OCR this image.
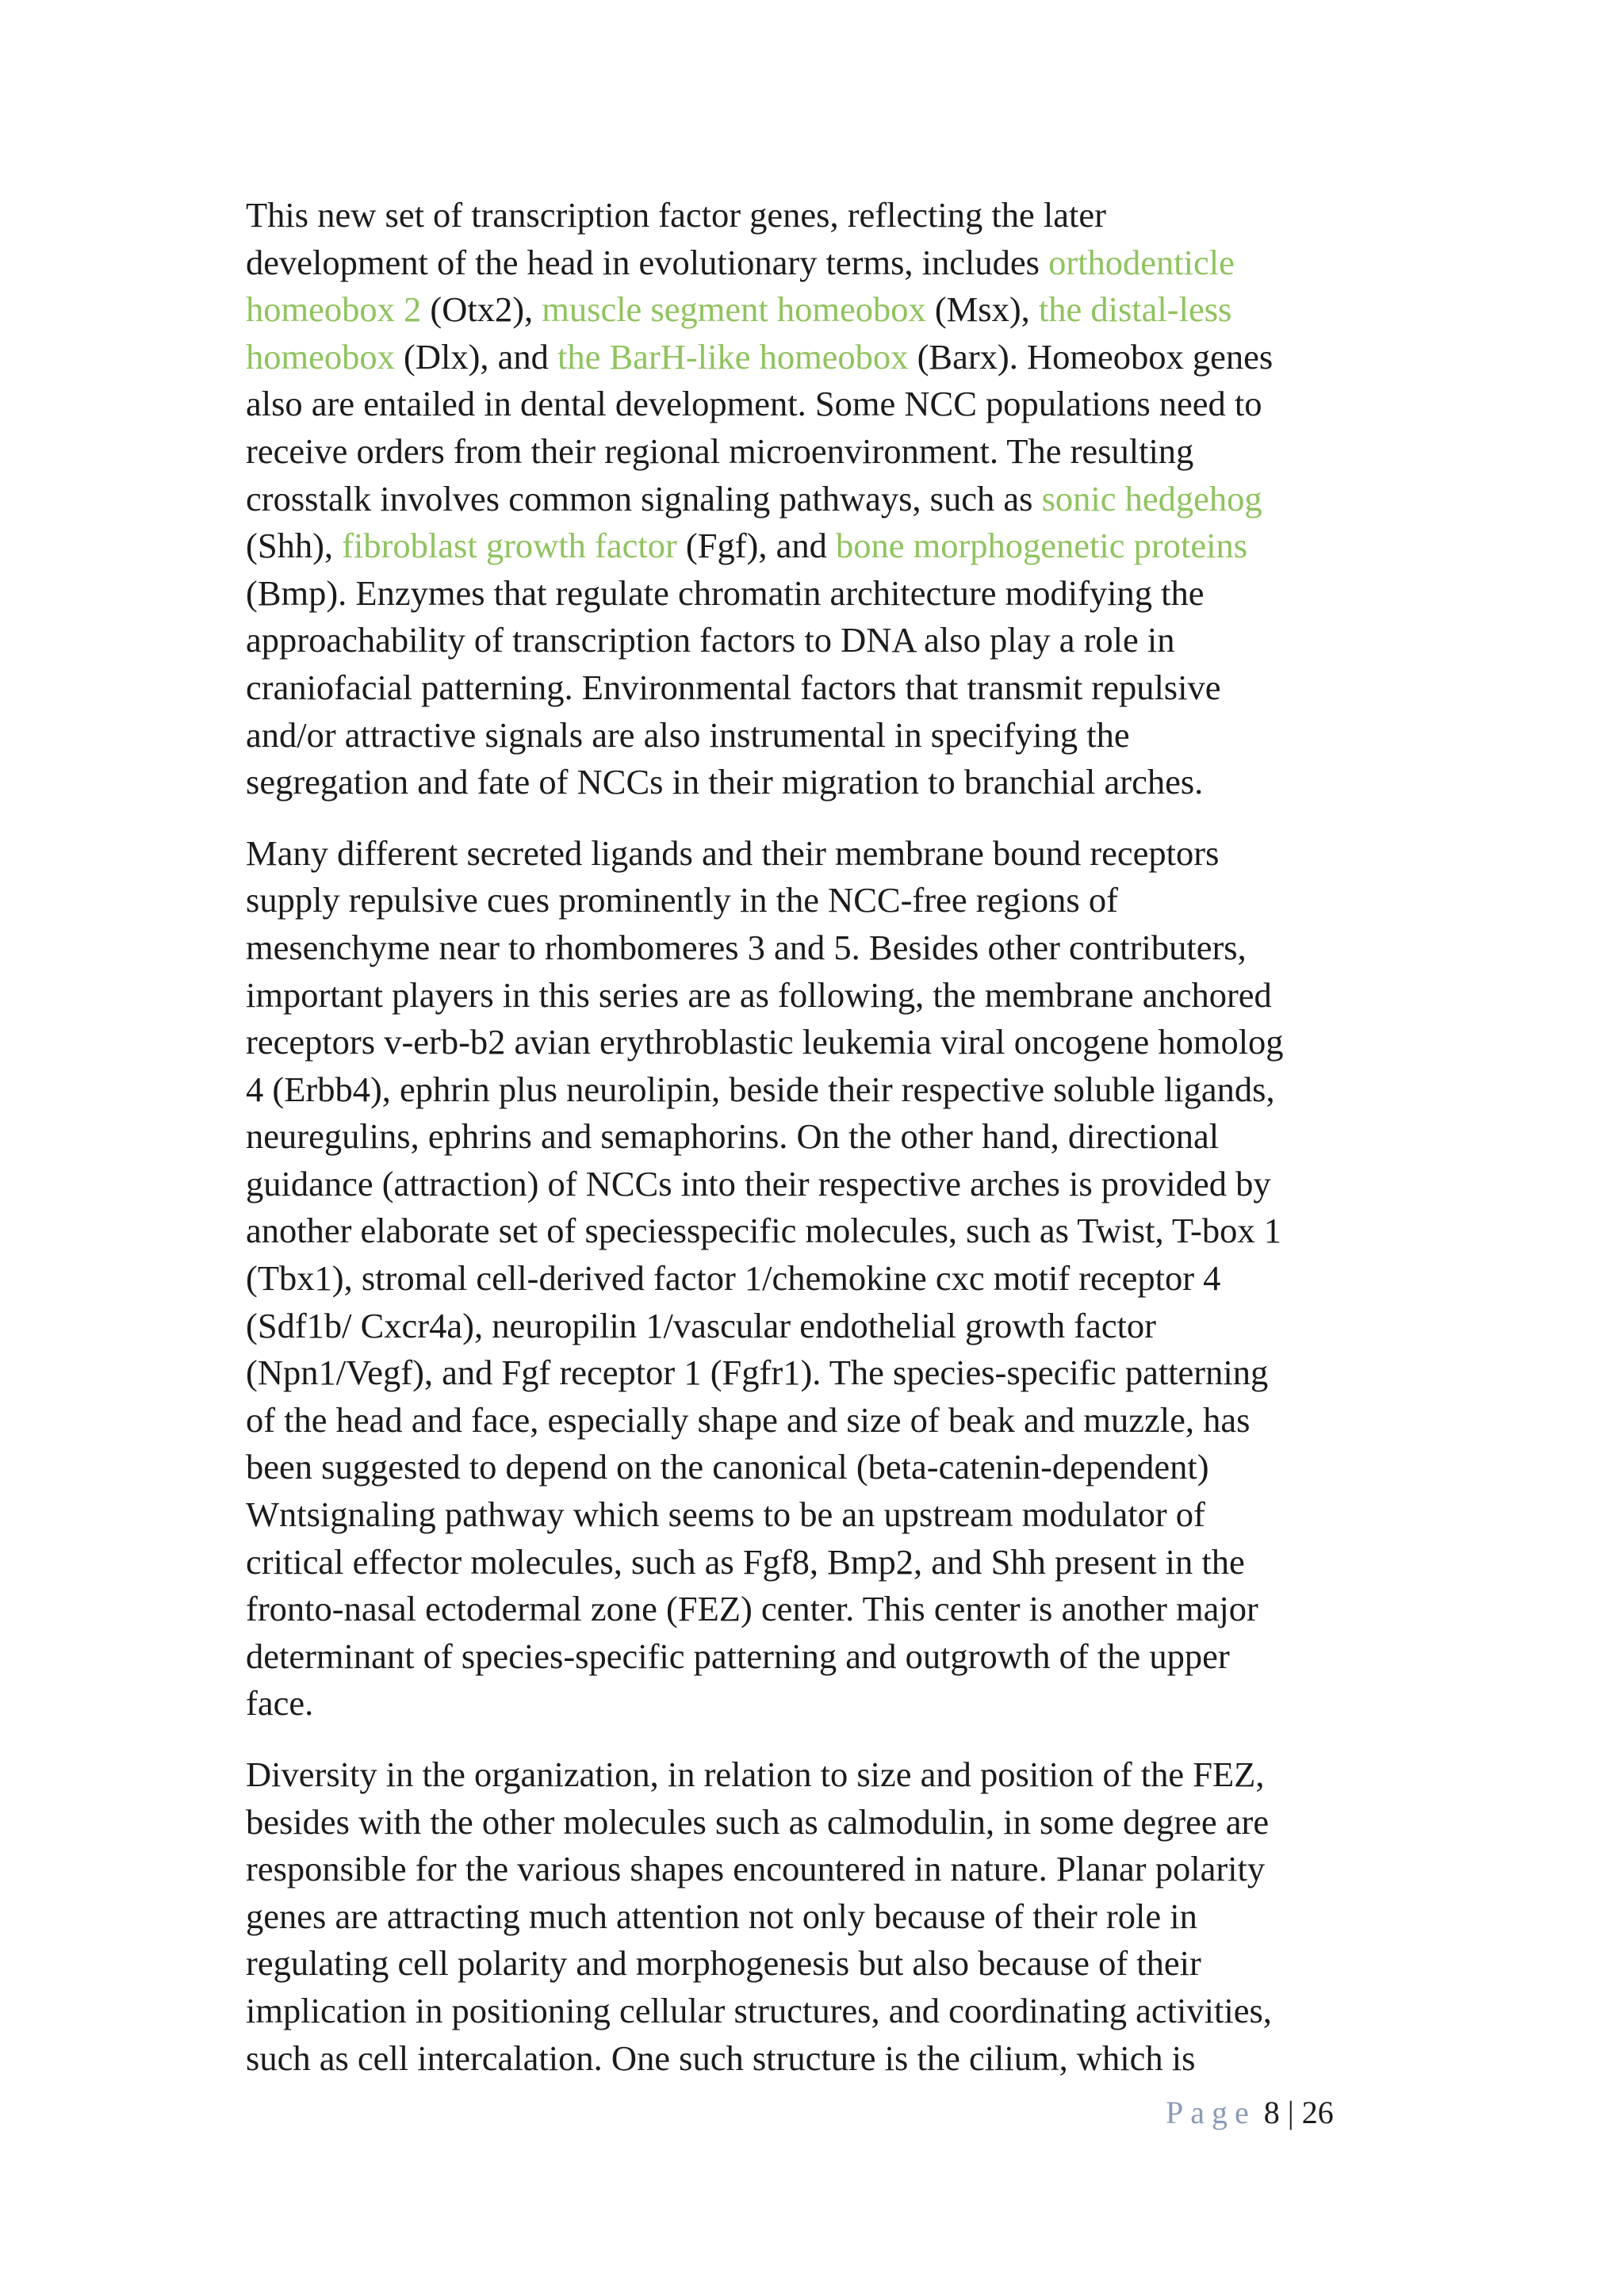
This new set of transcription factor genes, reflecting the later
development of the head in evolutionary terms, includes orthodenticle
homeobox 2 (Otx2), muscle segment homeobox (Msx), the distal-less
homeobox (Dlx), and the BarH-like homeobox (Barx). Homeobox genes
also are entailed in dental development. Some NCC populations need to
receive orders from their regional microenvironment. The resulting
crosstalk involves common signaling pathways, such as sonic hedgehog
(Shh), fibroblast growth factor (Fgf), and bone morphogenetic proteins
(Bmp). Enzymes that regulate chromatin architecture modifying the
approachability of transcription factors to DNA also play a role in
craniofacial patterning. Environmental factors that transmit repulsive
and/or attractive signals are also instrumental in specifying the
segregation and fate of NCCs in their migration to branchial arches.
Many different secreted ligands and their membrane bound receptors
supply repulsive cues prominently in the NCC-free regions of
mesenchyme near to rhombomeres 3 and 5. Besides other contributers,
important players in this series are as following, the membrane anchored
receptors v-erb-b2 avian erythroblastic leukemia viral oncogene homolog
4 (Erbb4), ephrin plus neurolipin, beside their respective soluble ligands,
neuregulins, ephrins and semaphorins. On the other hand, directional
guidance (attraction) of NCCs into their respective arches is provided by
another elaborate set of speciesspecific molecules, such as Twist, T-box 1
(Tbx1), stromal cell-derived factor 1/chemokine cxc motif receptor 4
(Sdf1b/ Cxcr4a), neuropilin 1/vascular endothelial growth factor
(Npn1/Vegf), and Fgf receptor 1 (Fgfr1). The species-specific patterning
of the head and face, especially shape and size of beak and muzzle, has
been suggested to depend on the canonical (beta-catenin-dependent)
Wntsignaling pathway which seems to be an upstream modulator of
critical effector molecules, such as Fgf8, Bmp2, and Shh present in the
fronto-nasal ectodermal zone (FEZ) center. This center is another major
determinant of species-specific patterning and outgrowth of the upper
face.
Diversity in the organization, in relation to size and position of the FEZ,
besides with the other molecules such as calmodulin, in some degree are
responsible for the various shapes encountered in nature. Planar polarity
genes are attracting much attention not only because of their role in
regulating cell polarity and morphogenesis but also because of their
implication in positioning cellular structures, and coordinating activities,
such as cell intercalation. One such structure is the cilium, which is
Page 8 | 26
